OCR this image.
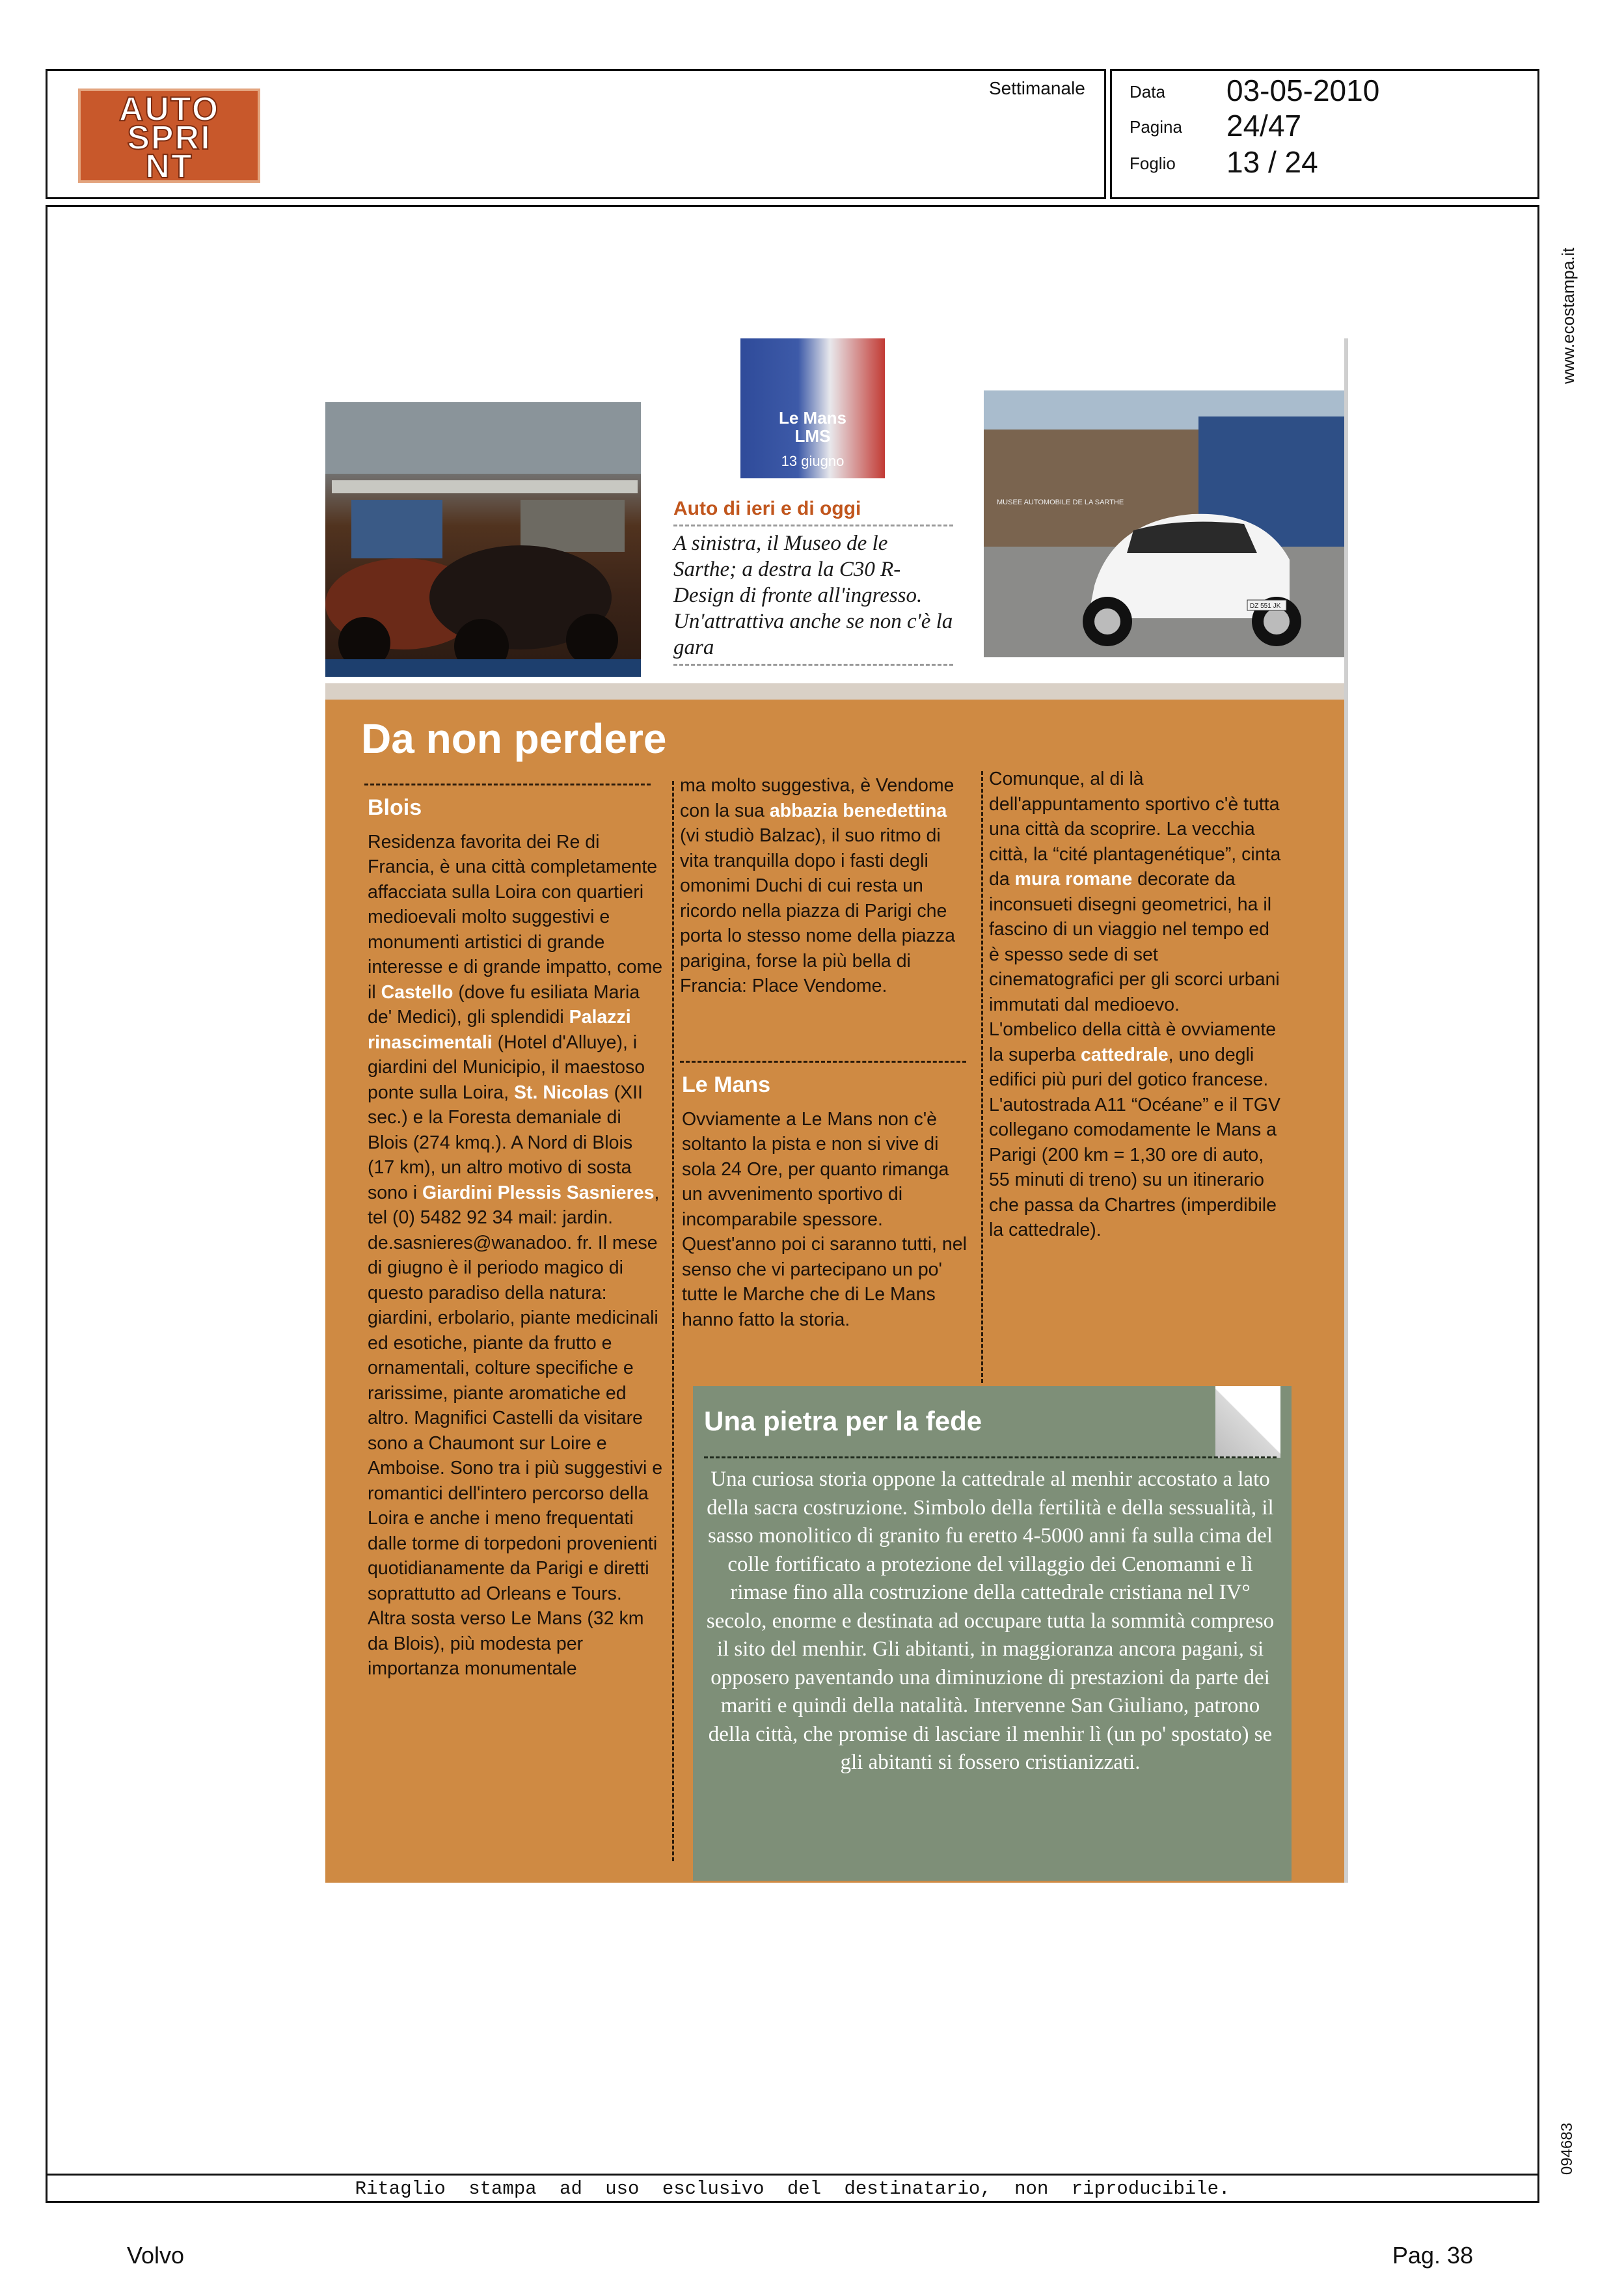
AUTO
SPRI
NT
Settimanale	Data 03-05-2010
Pagina 24/47
Foglio 13 / 24
www.ecostampa.it
094683
Le Mans
LMS
13 giugno
MUSEE AUTOMOBILE DE LA SARTHE
DZ 551 JK
Auto di ieri e di oggi
A sinistra, il Museo de le Sarthe; a destra la C30 R-Design di fronte all'ingresso. Un'attrattiva anche se non c'è la gara
Da non perdere
Blois
Residenza favorita dei Re di Francia, è una città completamente affacciata sulla Loira con quartieri medioevali molto suggestivi e monumenti artistici di grande interesse e di grande impatto, come il Castello (dove fu esiliata Maria de' Medici), gli splendidi Palazzi rinascimentali (Hotel d'Alluye), i giardini del Municipio, il maestoso ponte sulla Loira, St. Nicolas (XII sec.) e la Foresta demaniale di Blois (274 kmq.). A Nord di Blois (17 km), un altro motivo di sosta sono i Giardini Plessis Sasnieres, tel (0) 5482 92 34 mail: jardin. de.sasnieres@wanadoo. fr. Il mese di giugno è il periodo magico di questo paradiso della natura: giardini, erbolario, piante medicinali ed esotiche, piante da frutto e ornamentali, colture specifiche e rarissime, piante aromatiche ed altro. Magnifici Castelli da visitare sono a Chaumont sur Loire e Amboise. Sono tra i più suggestivi e romantici dell'intero percorso della Loira e anche i meno frequentati dalle torme di torpedoni provenienti quotidianamente da Parigi e diretti soprattutto ad Orleans e Tours.
Altra sosta verso Le Mans (32 km da Blois), più modesta per importanza monumentale
ma molto suggestiva, è Vendome con la sua abbazia benedettina (vi studiò Balzac), il suo ritmo di vita tranquilla dopo i fasti degli omonimi Duchi di cui resta un ricordo nella piazza di Parigi che porta lo stesso nome della piazza parigina, forse la più bella di Francia: Place Vendome.
Le Mans
Ovviamente a Le Mans non c'è soltanto la pista e non si vive di sola 24 Ore, per quanto rimanga un avvenimento sportivo di incomparabile spessore. Quest'anno poi ci saranno tutti, nel senso che vi partecipano un po' tutte le Marche che di Le Mans hanno fatto la storia.
Comunque, al di là dell'appuntamento sportivo c'è tutta una città da scoprire. La vecchia città, la “cité plantagenétique”, cinta da mura romane decorate da inconsueti disegni geometrici, ha il fascino di un viaggio nel tempo ed è spesso sede di set cinematografici per gli scorci urbani immutati dal medioevo.
L'ombelico della città è ovviamente la superba cattedrale, uno degli edifici più puri del gotico francese. L'autostrada A11 “Océane” e il TGV collegano comodamente le Mans a Parigi (200 km = 1,30 ore di auto, 55 minuti di treno) su un itinerario che passa da Chartres (imperdibile la cattedrale).
Una pietra per la fede
Una curiosa storia oppone la cattedrale al menhir accostato a lato della sacra costruzione. Simbolo della fertilità e della sessualità, il sasso monolitico di granito fu eretto 4-5000 anni fa sulla cima del colle fortificato a protezione del villaggio dei Cenomanni e lì rimase fino alla costruzione della cattedrale cristiana nel IV° secolo, enorme e destinata ad occupare tutta la sommità compreso il sito del menhir. Gli abitanti, in maggioranza ancora pagani, si opposero paventando una diminuzione di prestazioni da parte dei mariti e quindi della natalità. Intervenne San Giuliano, patrono della città, che promise di lasciare il menhir lì (un po' spostato) se gli abitanti si fossero cristianizzati.
Ritaglio stampa ad uso esclusivo del destinatario, non riproducibile.
Volvo	Pag. 38
